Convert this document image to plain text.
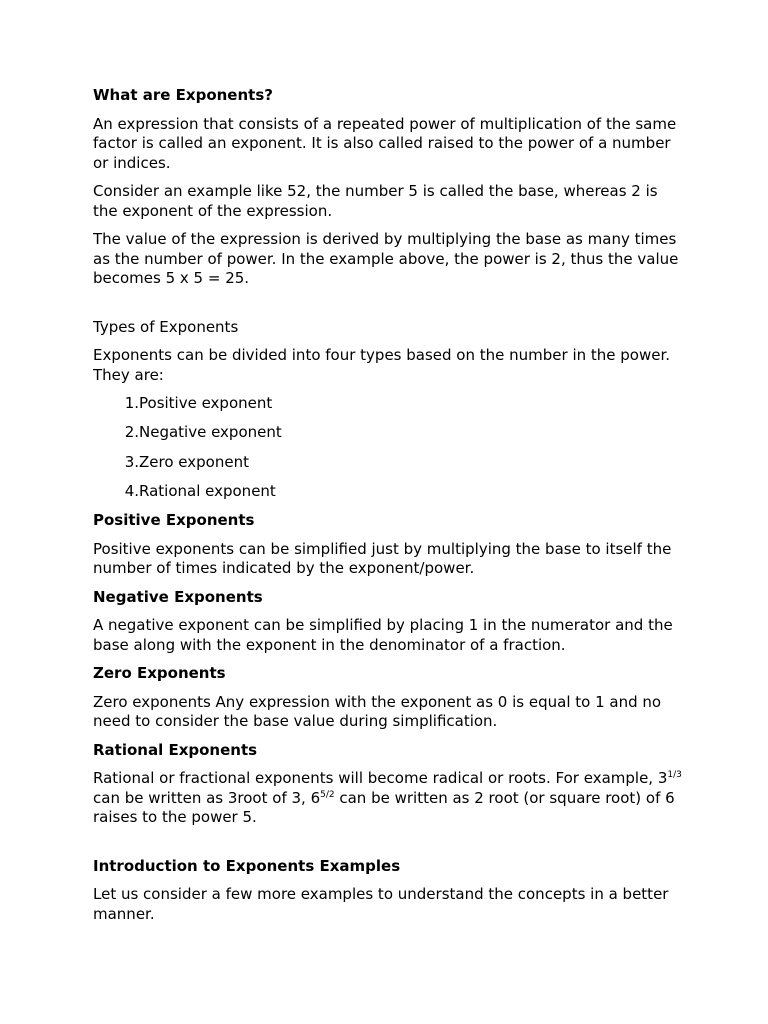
What are Exponents?
An expression that consists of a repeated power of multiplication of the same factor is called an exponent. It is also called raised to the power of a number or indices.
Consider an example like 52, the number 5 is called the base, whereas 2 is the exponent of the expression.
The value of the expression is derived by multiplying the base as many times as the number of power. In the example above, the power is 2, thus the value becomes 5 x 5 = 25.
Types of Exponents
Exponents can be divided into four types based on the number in the power. They are:
1. Positive exponent
2. Negative exponent
3. Zero exponent
4. Rational exponent
Positive Exponents
Positive exponents can be simplified just by multiplying the base to itself the number of times indicated by the exponent/power.
Negative Exponents
A negative exponent can be simplified by placing 1 in the numerator and the base along with the exponent in the denominator of a fraction.
Zero Exponents
Zero exponents Any expression with the exponent as 0 is equal to 1 and no need to consider the base value during simplification.
Rational Exponents
Rational or fractional exponents will become radical or roots. For example, $3^{1/3}$ can be written as 3root of 3, $6^{5/2}$ can be written as 2 root (or square root) of 6 raises to the power 5.
Introduction to Exponents Examples
Let us consider a few more examples to understand the concepts in a better manner.
